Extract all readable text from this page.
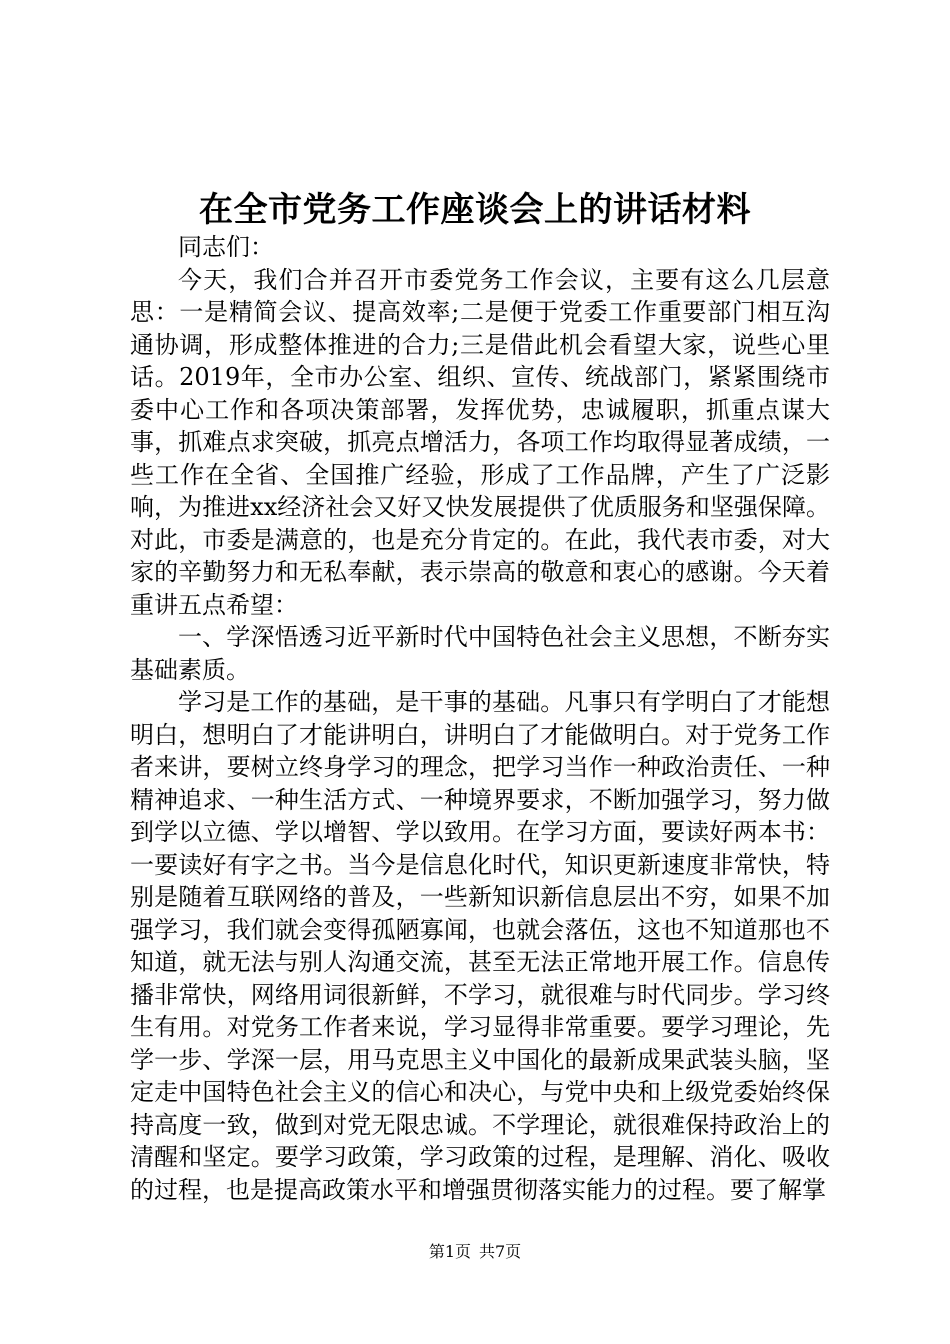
在全市党务工作座谈会上的讲话材料

同志们：

今天，我们合并召开市委党务工作会议，主要有这么几层意思：一是精简会议、提高效率;二是便于党委工作重要部门相互沟通协调，形成整体推进的合力;三是借此机会看望大家，说些心里话。2019年，全市办公室、组织、宣传、统战部门，紧紧围绕市委中心工作和各项决策部署，发挥优势，忠诚履职，抓重点谋大事，抓难点求突破，抓亮点增活力，各项工作均取得显著成绩，一些工作在全省、全国推广经验，形成了工作品牌，产生了广泛影响，为推进xx经济社会又好又快发展提供了优质服务和坚强保障。对此，市委是满意的，也是充分肯定的。在此，我代表市委，对大家的辛勤努力和无私奉献，表示崇高的敬意和衷心的感谢。今天着重讲五点希望：

一、学深悟透习近平新时代中国特色社会主义思想，不断夯实基础素质。

学习是工作的基础，是干事的基础。凡事只有学明白了才能想明白，想明白了才能讲明白，讲明白了才能做明白。对于党务工作者来讲，要树立终身学习的理念，把学习当作一种政治责任、一种精神追求、一种生活方式、一种境界要求，不断加强学习，努力做到学以立德、学以增智、学以致用。在学习方面，要读好两本书：一要读好有字之书。当今是信息化时代，知识更新速度非常快，特别是随着互联网络的普及，一些新知识新信息层出不穷，如果不加强学习，我们就会变得孤陋寡闻，也就会落伍，这也不知道那也不知道，就无法与别人沟通交流，甚至无法正常地开展工作。信息传播非常快，网络用词很新鲜，不学习，就很难与时代同步。学习终生有用。对党务工作者来说，学习显得非常重要。要学习理论，先学一步、学深一层，用马克思主义中国化的最新成果武装头脑，坚定走中国特色社会主义的信心和决心，与党中央和上级党委始终保持高度一致，做到对党无限忠诚。不学理论，就很难保持政治上的清醒和坚定。要学习政策，学习政策的过程，是理解、消化、吸收的过程，也是提高政策水平和增强贯彻落实能力的过程。要了解掌

第1页 共7页
